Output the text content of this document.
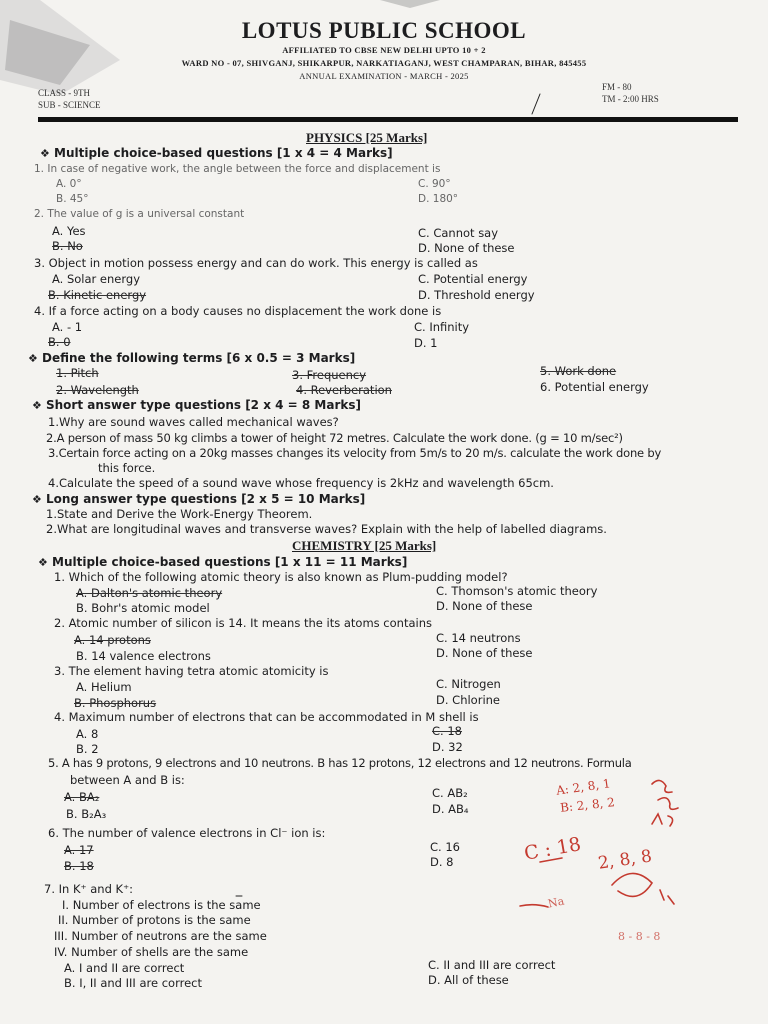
LOTUS PUBLIC SCHOOL
AFFILIATED TO CBSE NEW DELHI UPTO 10 + 2
WARD NO - 07, SHIVGANJ, SHIKARPUR, NARKATIAGANJ, WEST CHAMPARAN, BIHAR, 845455
ANNUAL EXAMINATION - MARCH - 2025
CLASS - 9TH
SUB - SCIENCE
FM - 80
TM - 2:00 HRS
PHYSICS [25 Marks]
❖ Multiple choice-based questions [1 x 4 = 4 Marks]
1. In case of negative work, the angle between the force and displacement is
A. 0°	C. 90°
B. 45°	D. 180°
2. The value of g is a universal constant
A. Yes	C. Cannot say
B. No	D. None of these
3. Object in motion possess energy and can do work. This energy is called as
A. Solar energy	C. Potential energy
B. Kinetic energy	D. Threshold energy
4. If a force acting on a body causes no displacement the work done is
A. - 1	C. Infinity
B. 0	D. 1
❖ Define the following terms [6 x 0.5 = 3 Marks]
1. Pitch	3. Frequency	5. Work done
2. Wavelength	4. Reverberation	6. Potential energy
❖ Short answer type questions [2 x 4 = 8 Marks]
1.Why are sound waves called mechanical waves?
2.A person of mass 50 kg climbs a tower of height 72 metres. Calculate the work done. (g = 10 m/sec²)
3.Certain force acting on a 20kg masses changes its velocity from 5m/s to 20 m/s. calculate the work done by
this force.
4.Calculate the speed of a sound wave whose frequency is 2kHz and wavelength 65cm.
❖ Long answer type questions [2 x 5 = 10 Marks]
1.State and Derive the Work-Energy Theorem.
2.What are longitudinal waves and transverse waves? Explain with the help of labelled diagrams.
CHEMISTRY [25 Marks]
❖ Multiple choice-based questions [1 x 11 = 11 Marks]
1. Which of the following atomic theory is also known as Plum-pudding model?
A. Dalton's atomic theory	C. Thomson's atomic theory
B. Bohr's atomic model	D. None of these
2. Atomic number of silicon is 14. It means the its atoms contains
A. 14 protons	C. 14 neutrons
B. 14 valence electrons	D. None of these
3. The element having tetra atomic atomicity is
A. Helium	C. Nitrogen
B. Phosphorus	D. Chlorine
4. Maximum number of electrons that can be accommodated in M shell is
A. 8	C. 18
B. 2	D. 32
5. A has 9 protons, 9 electrons and 10 neutrons. B has 12 protons, 12 electrons and 12 neutrons. Formula
between A and B is:
A. BA₂	C. AB₂
B. B₂A₃	D. AB₄
6. The number of valence electrons in Cl⁻ ion is:
A. 17	C. 16
B. 18	D. 8
7. In K⁺ and K⁺:
I. Number of electrons is the same
II. Number of protons is the same
III. Number of neutrons are the same
IV. Number of shells are the same
A. I and II are correct	C. II and III are correct
B. I, II and III are correct	D. All of these
A: 2, 8, 1
B: 2, 8, 2
C : 18 2, 8, 8
Na
8 - 8 - 8
